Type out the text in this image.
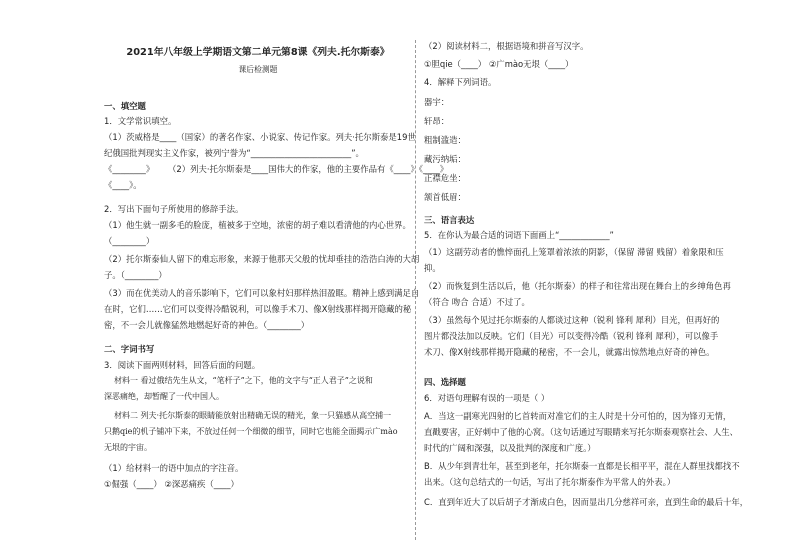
2021年八年级上学期语文第二单元第8课《列夫.托尔斯泰》
课后检测题
一、填空题
1．文学常识填空。
（1）茨威格是____（国家）的著名作家、小说家、传记作家。列夫·托尔斯泰是19世
纪俄国批判现实主义作家，被列宁誉为“________________________”。
《________》 （2）列夫·托尔斯泰是____国伟大的作家，他的主要作品有《____》《____》
《____》。
2．写出下面句子所使用的修辞手法。
（1）他生就一副多毛的脸庞，植被多于空地，浓密的胡子难以看清他的内心世界。
（________）
（2）托尔斯泰仙人留下的难忘形象，来源于他那天父般的忧却垂挂的浩浩白涛的大胡
子。（________）
（3）而在优美动人的音乐影响下，它们可以象村妇那样热泪盈眶。精神上感到满足自
在时，它们……它们可以变得冷酷锐利，可以像手术刀、像X射线那样揭开隐藏的秘
密，不一会儿就像猛然地燃起好奇的神色。（________）
二、字词书写
3．阅读下面两则材料，回答后面的问题。
材料一 看过俄结先生从文，“笔杆子”之下，他的文字与“正人君子”之说和
深恶痛绝，却暂醒了一代中国人。
材料二 列夫·托尔斯泰的眼睛能放射出精确无误的精光，象一只猫感从高空捕一
只鹅qie的机子铺冲下来，不放过任何一个细微的细节，同时它也能全面揭示广mào
无垠的宇宙。
（1）给材料一的语中加点的字注音。
①倔强（____） ②深恶痛疾（____）
（2）阅读材料二，根据语境和拼音写汉字。
①胆qie（____） ②广mào无垠（____）
4．解释下列词语。
器宇：
轩昂：
粗制滥造：
藏污纳垢：
正襟危坐：
颔首低眉：
三、语言表达
5．在你认为最合适的词语下面画上“____________”
（1）这副劳动者的憔悴面孔上笼罩着浓浓的阴影，（保留 滞留 贱留）着象限和压
抑。
（2）而恢复到生活以后，他（托尔斯泰）的样子和往常出现在舞台上的乡绅角色再
（符合 吻合 合适）不过了。
（3）虽然每个见过托尔斯泰的人都谈过这种（锐利 锋利 犀利）目光，但再好的
图片都没法加以反映。它们（目光）可以变得冷酷（锐利 锋利 犀利），可以像手
术刀、像X射线那样揭开隐藏的秘密，不一会儿，就露出惊然地点好奇的神色。
四、选择题
6．对语句理解有误的一项是（ ）
A．当这一副寒光四射的匕首转而对准它们的主人时是十分可怕的，因为锋刃无情，
直戳要害，正好刺中了他的心窝。（这句话通过写眼睛来写托尔斯泰观察社会、人生、
时代的广阔和深强，以及批判的深度和广度。）
B．从少年到青壮年，甚至到老年，托尔斯泰一直都是长相平平，混在人群里找都找不
出来。（这句总结式的一句话，写出了托尔斯泰作为平常人的外表。）
C．直到年近大了以后胡子才渐成白色，因而显出几分慈祥可亲，直到生命的最后十年，
